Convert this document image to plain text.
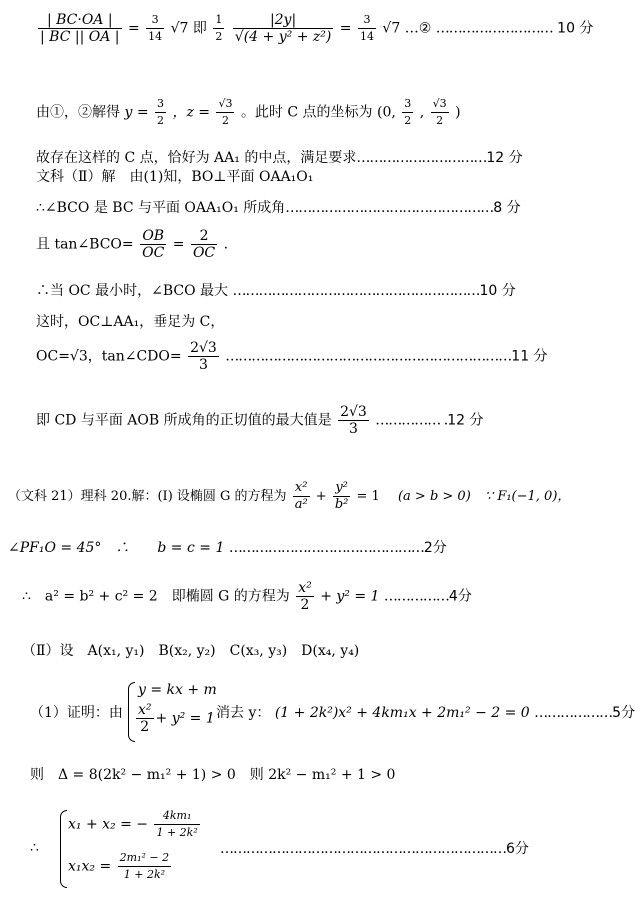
$\frac{| BC\cdot OA |}{| BC || OA |} = \frac{3}{14} √7$ 即 $\frac{1}{2}$
$\frac{|2y|}{\text{√(4 + y² + z²)}} = \frac{3}{14} √7$ …② ……………………… 10 分
由①，②解得 $y = \frac{3}{2}$ ，$z = \frac{√3}{2}$ 。此时 C 点的坐标为 (0, $\frac{3}{2}$ , $\frac{√3}{2}$ )
故存在这样的 C 点，恰好为 AA₁ 的中点，满足要求…………………………12 分
文科（Ⅱ）解　由(1)知，BO⊥平面 OAA₁O₁
∴∠BCO 是 BC 与平面 OAA₁O₁ 所成角…………………………………………8 分
且 tan∠BCO= $\frac{OB}{OC} = \frac{2}{OC}$ .
∴当 OC 最小时，∠BCO 最大 …………………………………………………10 分
这时，OC⊥AA₁，垂足为 C，
OC=√3，tan∠CDO= $\frac{2√3}{3}$ …………………………………………………………11 分
即 CD 与平面 AOB 所成角的正切值的最大值是 $\frac{2√3}{3}$ …………… .12 分
（文科 21）理科 20.解：(Ⅰ) 设椭圆 G 的方程为 $\frac{\text{x²}}{\text{a²}} + \frac{\text{y²}}{\text{b²}} = 1$ (a > b > 0) ∵ F₁(−1, 0)，
∠PF₁O = 45°　∴　　b = c = 1 ………………………………………2分
∴　a² = b² + c² = 2　即椭圆 G 的方程为 $\frac{\text{x²}}{2} + y^2 = 1$ ……………4分
（Ⅱ）设　A(x₁, y₁)　B(x₂, y₂)　C(x₃, y₃)　D(x₄, y₄)
（1）证明：由
y = kx + m
$\frac{\text{x²}}{2} + y^2 = 1$ 消去 y： (1 + 2k²)x² + 4km₁x + 2m₁² − 2 = 0 ………………5分
则　Δ = 8(2k² − m₁² + 1) > 0　则 2k² − m₁² + 1 > 0
∴
x₁ + x₂ = − $\frac{\text{4km₁}}{\text{1 + 2k²}}$
$x_1x_2 = \frac{\text{2m₁² − 2}}{\text{1 + 2k²}}$
…………………………………………………………6分
